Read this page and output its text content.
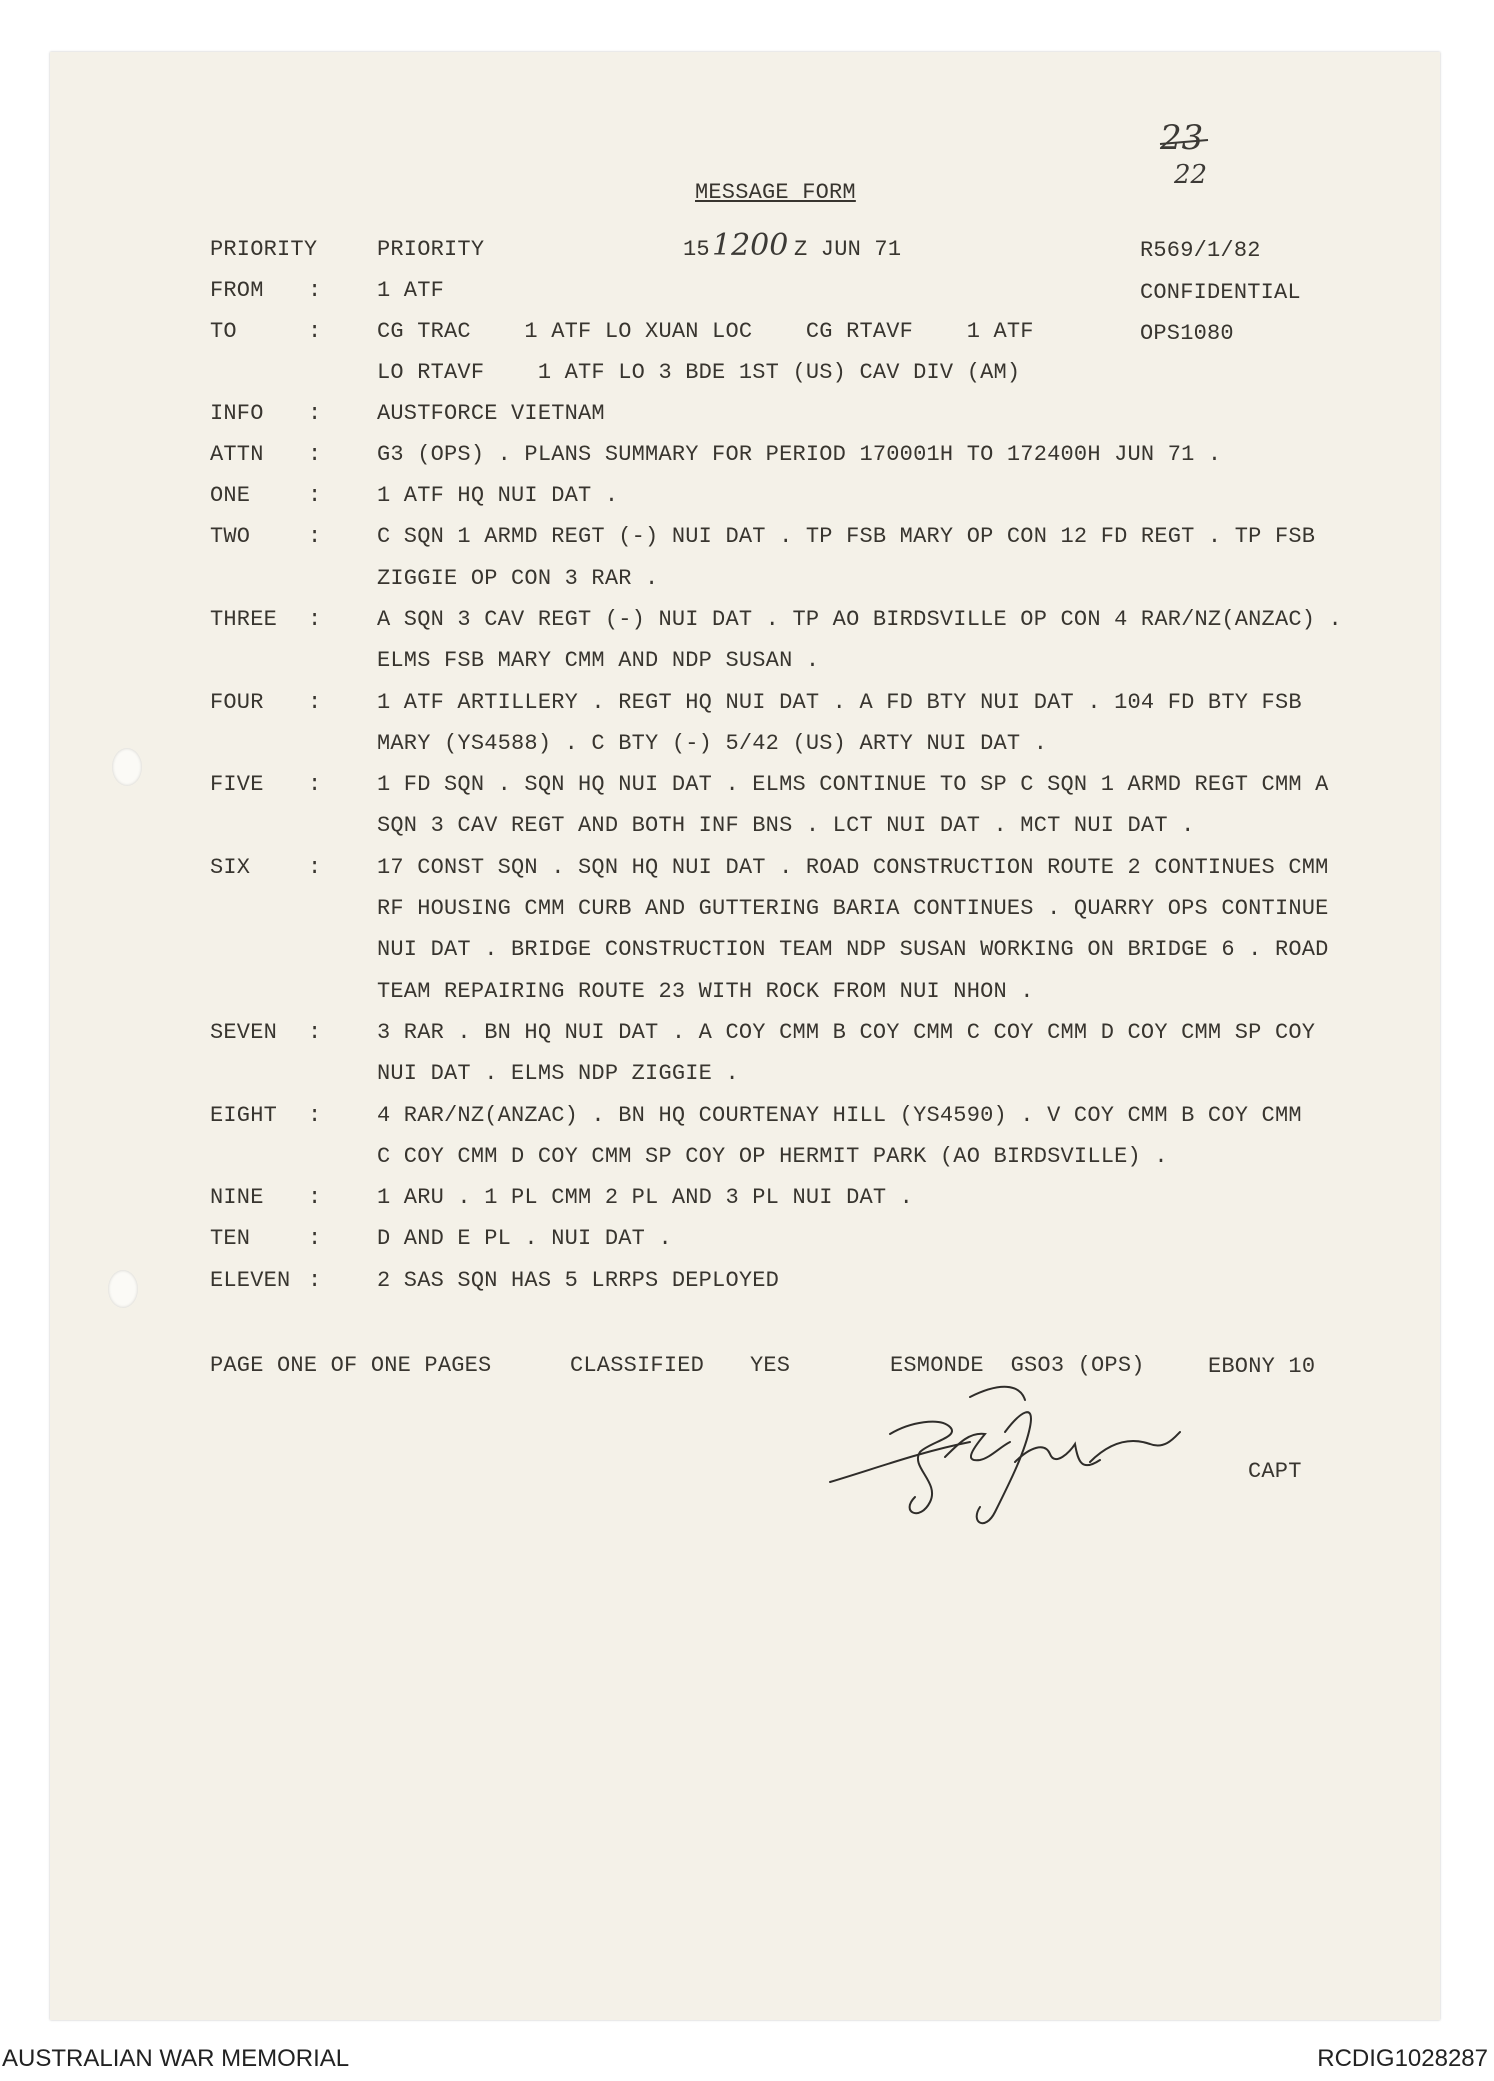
23
22
MESSAGE FORM
PRIORITY	PRIORITY	15 1200 Z JUN 71	R569/1/82
FROM :	1 ATF	CONFIDENTIAL
TO	:	CG TRAC    1 ATF LO XUAN LOC    CG RTAVF    1 ATF	OPS1080
LO RTAVF    1 ATF LO 3 BDE 1ST (US) CAV DIV (AM)
INFO :	AUSTFORCE VIETNAM
ATTN :	G3 (OPS) . PLANS SUMMARY FOR PERIOD 170001H TO 172400H JUN 71 .
ONE	:	1 ATF HQ NUI DAT .
TWO	:	C SQN 1 ARMD REGT (-) NUI DAT . TP FSB MARY OP CON 12 FD REGT . TP FSB
ZIGGIE OP CON 3 RAR .
THREE :	A SQN 3 CAV REGT (-) NUI DAT . TP AO BIRDSVILLE OP CON 4 RAR/NZ(ANZAC) .
ELMS FSB MARY CMM AND NDP SUSAN .
FOUR :	1 ATF ARTILLERY . REGT HQ NUI DAT . A FD BTY NUI DAT . 104 FD BTY FSB
MARY (YS4588) . C BTY (-) 5/42 (US) ARTY NUI DAT .
FIVE :	1 FD SQN . SQN HQ NUI DAT . ELMS CONTINUE TO SP C SQN 1 ARMD REGT CMM A
SQN 3 CAV REGT AND BOTH INF BNS . LCT NUI DAT . MCT NUI DAT .
SIX	:	17 CONST SQN . SQN HQ NUI DAT . ROAD CONSTRUCTION ROUTE 2 CONTINUES CMM
RF HOUSING CMM CURB AND GUTTERING BARIA CONTINUES . QUARRY OPS CONTINUE
NUI DAT . BRIDGE CONSTRUCTION TEAM NDP SUSAN WORKING ON BRIDGE 6 . ROAD
TEAM REPAIRING ROUTE 23 WITH ROCK FROM NUI NHON .
SEVEN :	3 RAR . BN HQ NUI DAT . A COY CMM B COY CMM C COY CMM D COY CMM SP COY
NUI DAT . ELMS NDP ZIGGIE .
EIGHT :	4 RAR/NZ(ANZAC) . BN HQ COURTENAY HILL (YS4590) . V COY CMM B COY CMM
C COY CMM D COY CMM SP COY OP HERMIT PARK (AO BIRDSVILLE) .
NINE :	1 ARU . 1 PL CMM 2 PL AND 3 PL NUI DAT .
TEN	:	D AND E PL . NUI DAT .
ELEVEN :	2 SAS SQN HAS 5 LRRPS DEPLOYED
PAGE ONE OF ONE PAGES	CLASSIFIED YES	ESMONDE  GSO3 (OPS)	EBONY 10
CAPT
AUSTRALIAN WAR MEMORIAL	RCDIG1028287
